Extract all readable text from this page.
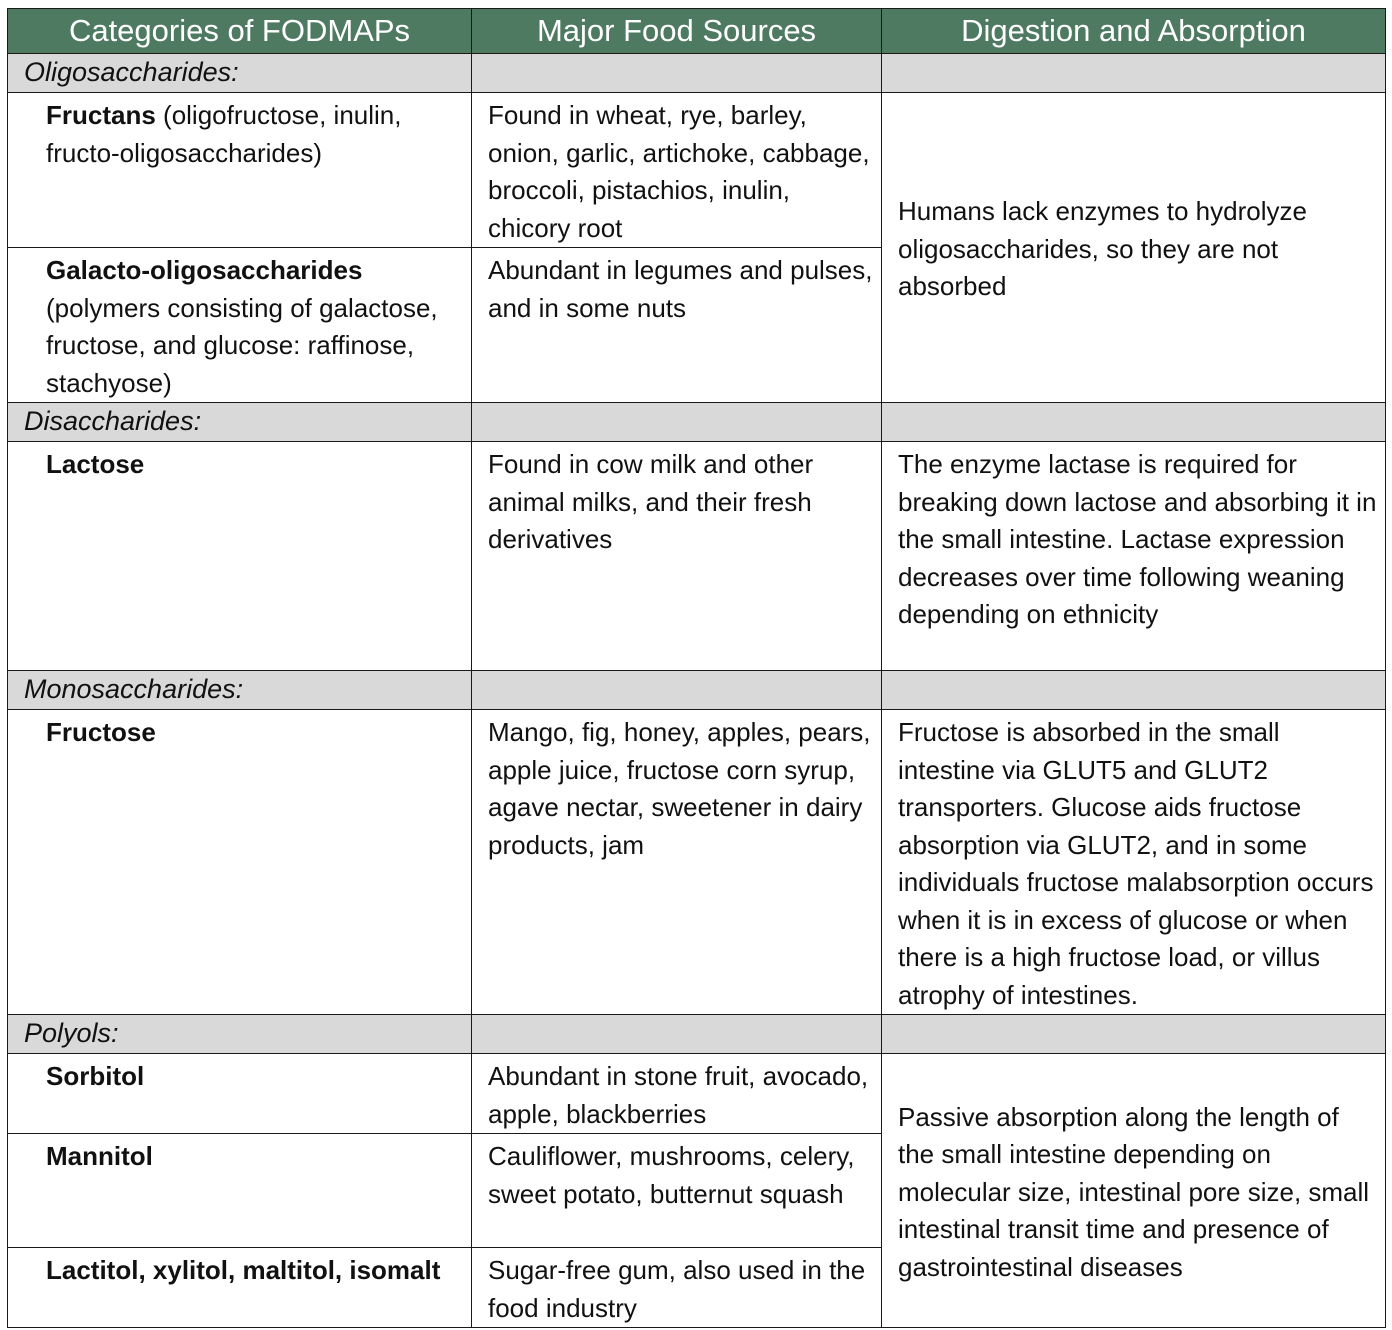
Categories of FODMAPs	Major Food Sources	Digestion and Absorption
Oligosaccharides:		
Fructans (oligofructose, inulin, fructo-oligosaccharides)	Found in wheat, rye, barley, onion, garlic, artichoke, cabbage, broccoli, pistachios, inulin, chicory root	Humans lack enzymes to hydrolyze oligosaccharides, so they are not absorbed
Galacto-oligosaccharides (polymers consisting of galactose, fructose, and glucose: raffinose, stachyose)	Abundant in legumes and pulses, and in some nuts	
Disaccharides:		
Lactose	Found in cow milk and other animal milks, and their fresh derivatives	The enzyme lactase is required for breaking down lactose and absorbing it in the small intestine. Lactase expression decreases over time following weaning depending on ethnicity
Monosaccharides:		
Fructose	Mango, fig, honey, apples, pears, apple juice, fructose corn syrup, agave nectar, sweetener in dairy products, jam	Fructose is absorbed in the small intestine via GLUT5 and GLUT2 transporters. Glucose aids fructose absorption via GLUT2, and in some individuals fructose malabsorption occurs when it is in excess of glucose or when there is a high fructose load, or villus atrophy of intestines.
Polyols:		
Sorbitol	Abundant in stone fruit, avocado, apple, blackberries	Passive absorption along the length of the small intestine depending on molecular size, intestinal pore size, small intestinal transit time and presence of gastrointestinal diseases
Mannitol	Cauliflower, mushrooms, celery, sweet potato, butternut squash	
Lactitol, xylitol, maltitol, isomalt	Sugar-free gum, also used in the food industry	
